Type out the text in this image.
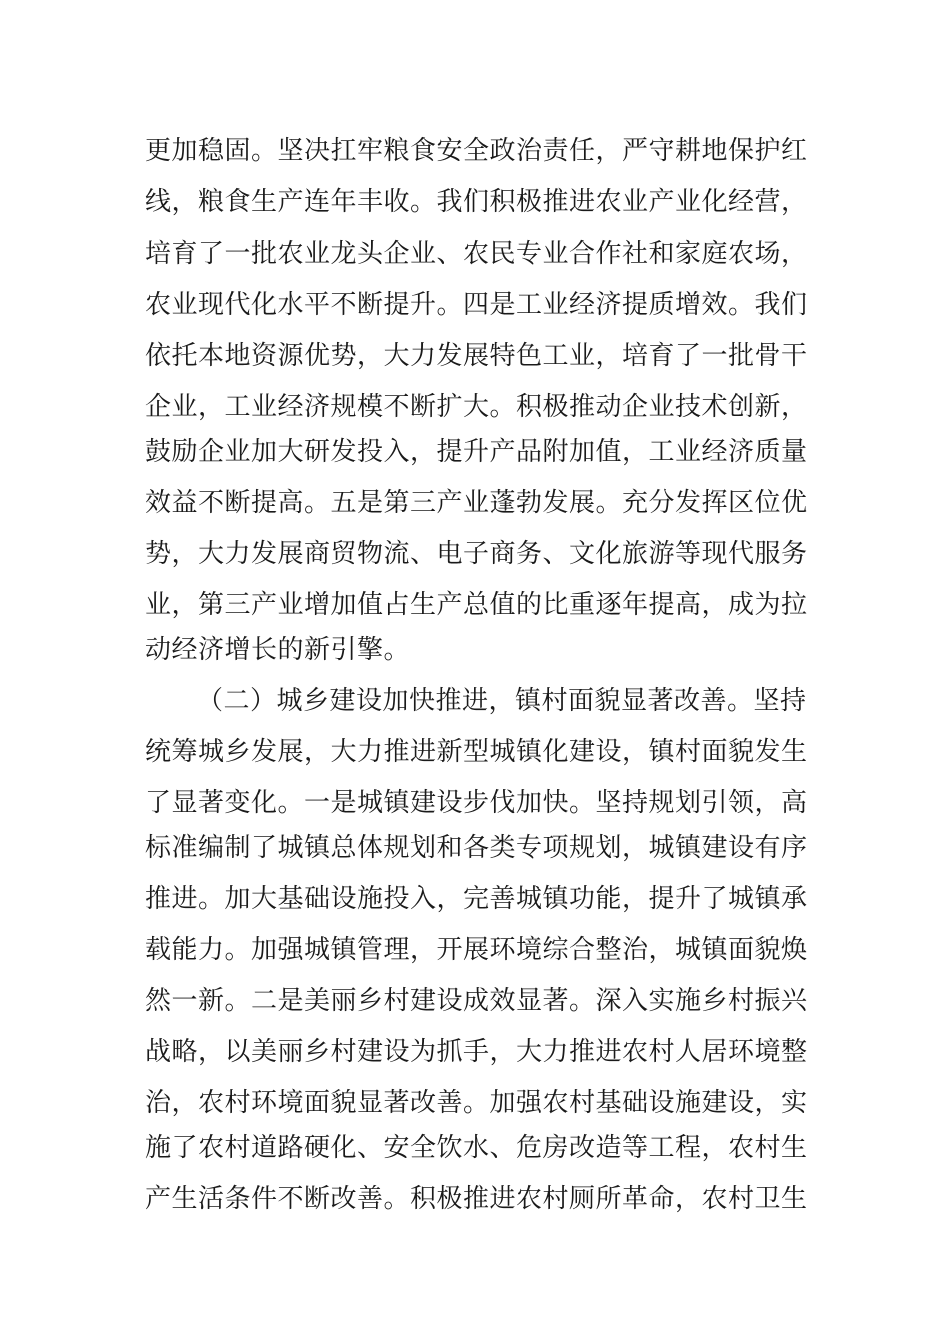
更加稳固。坚决扛牢粮食安全政治责任，严守耕地保护红
线，粮食生产连年丰收。我们积极推进农业产业化经营，
培育了一批农业龙头企业、农民专业合作社和家庭农场，
农业现代化水平不断提升。四是工业经济提质增效。我们
依托本地资源优势，大力发展特色工业，培育了一批骨干
企业，工业经济规模不断扩大。积极推动企业技术创新，
鼓励企业加大研发投入，提升产品附加值，工业经济质量
效益不断提高。五是第三产业蓬勃发展。充分发挥区位优
势，大力发展商贸物流、电子商务、文化旅游等现代服务
业，第三产业增加值占生产总值的比重逐年提高，成为拉
动经济增长的新引擎。
（二）城乡建设加快推进，镇村面貌显著改善。坚持
统筹城乡发展，大力推进新型城镇化建设，镇村面貌发生
了显著变化。一是城镇建设步伐加快。坚持规划引领，高
标准编制了城镇总体规划和各类专项规划，城镇建设有序
推进。加大基础设施投入，完善城镇功能，提升了城镇承
载能力。加强城镇管理，开展环境综合整治，城镇面貌焕
然一新。二是美丽乡村建设成效显著。深入实施乡村振兴
战略，以美丽乡村建设为抓手，大力推进农村人居环境整
治，农村环境面貌显著改善。加强农村基础设施建设，实
施了农村道路硬化、安全饮水、危房改造等工程，农村生
产生活条件不断改善。积极推进农村厕所革命，农村卫生
